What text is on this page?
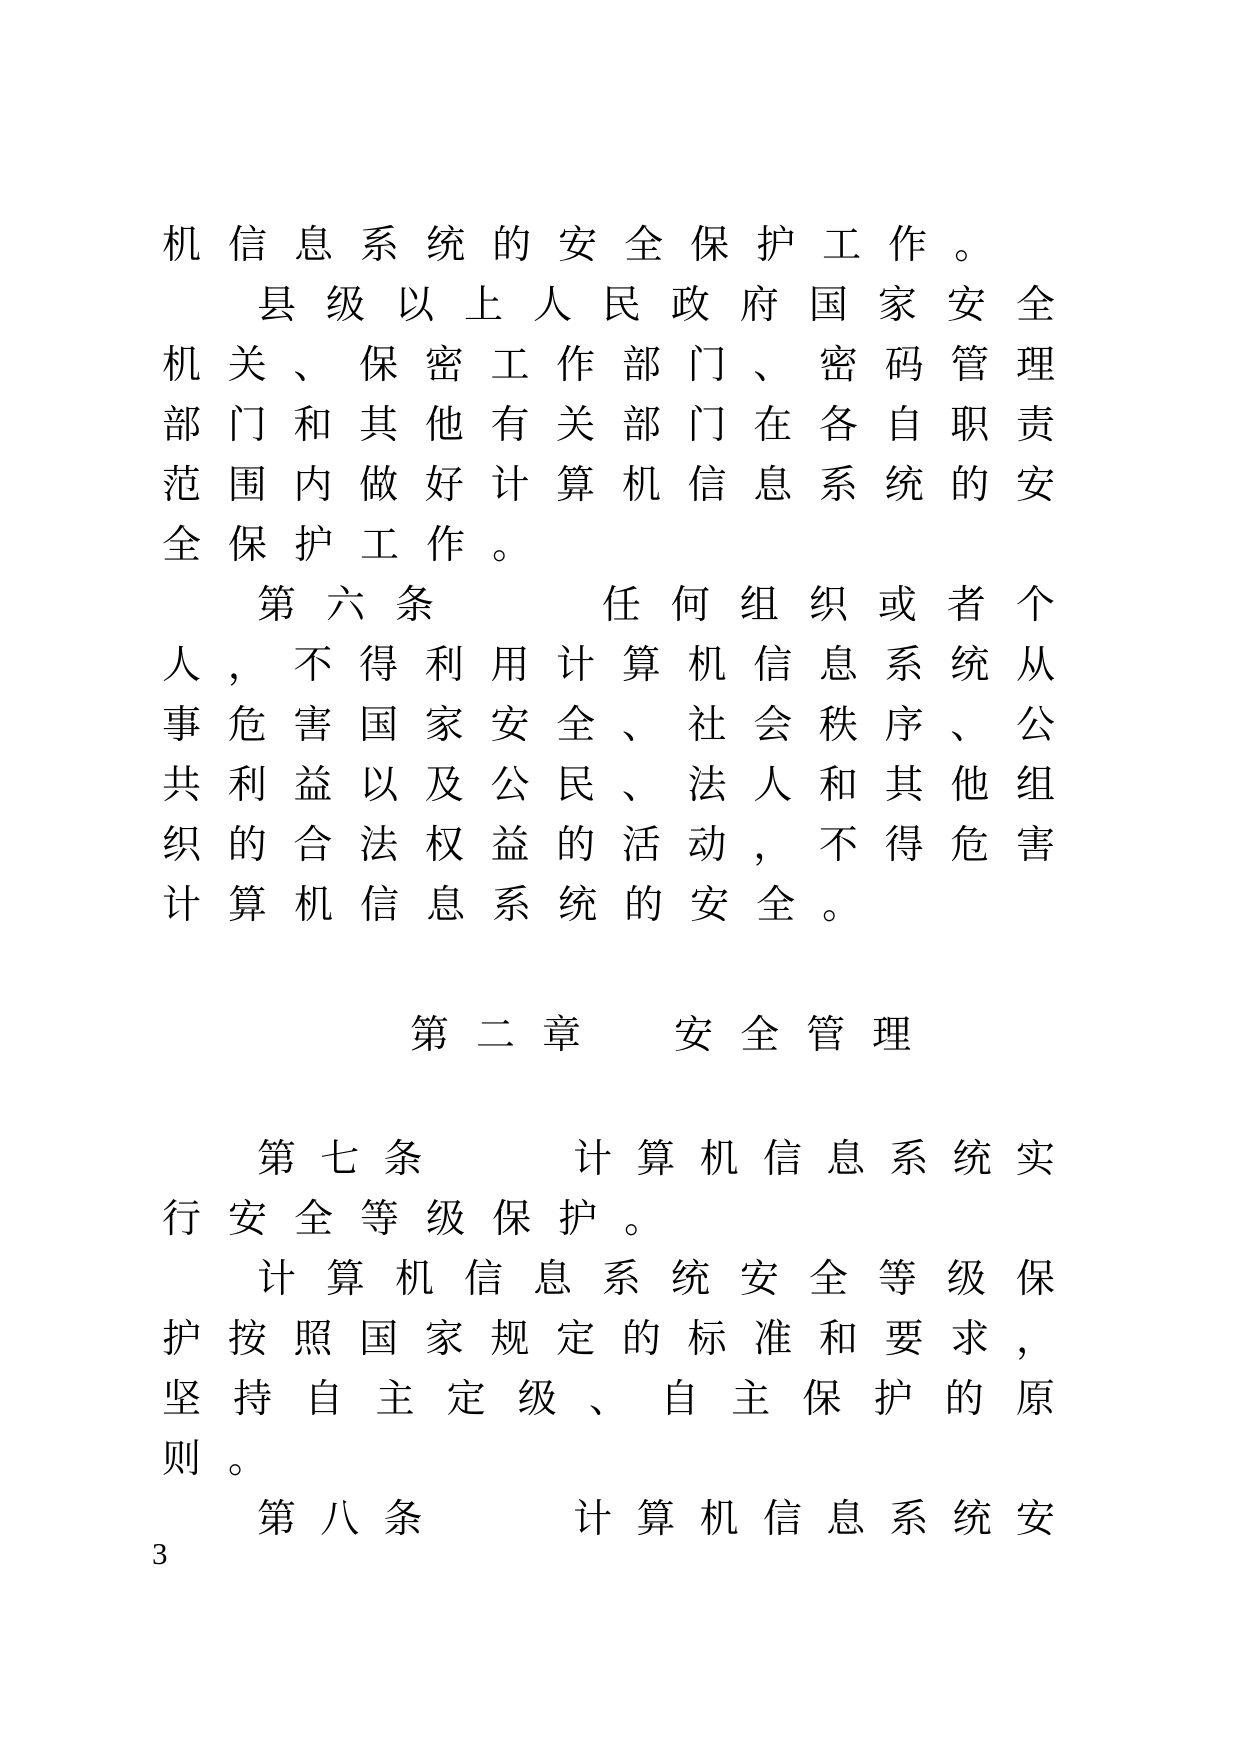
机 信 息 系 统 的 安 全 保 护 工 作 。
县 级 以 上 人 民 政 府 国 家 安 全
机 关 、 保 密 工 作 部 门 、 密 码 管 理
部 门 和 其 他 有 关 部 门 在 各 自 职 责
范 围 内 做 好 计 算 机 信 息 系 统 的 安
全 保 护 工 作 。
第 六 条

　	任 何 组 织 或 者 个
人 ， 不 得 利 用 计 算 机 信 息 系 统 从
事 危 害 国 家 安 全 、 社 会 秩 序 、 公
共 利 益 以 及 公 民 、 法 人 和 其 他 组
织 的 合 法 权 益 的 活 动 ， 不 得 危 害
计 算 机 信 息 系 统 的 安 全 。
第 二 章
　 安 全 管 理
第 七 条

　	计 算 机 信 息 系 统 实
行 安 全 等 级 保 护 。
计 算 机 信 息 系 统 安 全 等 级 保
护 按 照 国 家 规 定 的 标 准 和 要 求 ，
坚 持 自 主 定 级 、 自 主 保 护 的 原
则 。
第 八 条

　	计 算 机 信 息 系 统 安
3
